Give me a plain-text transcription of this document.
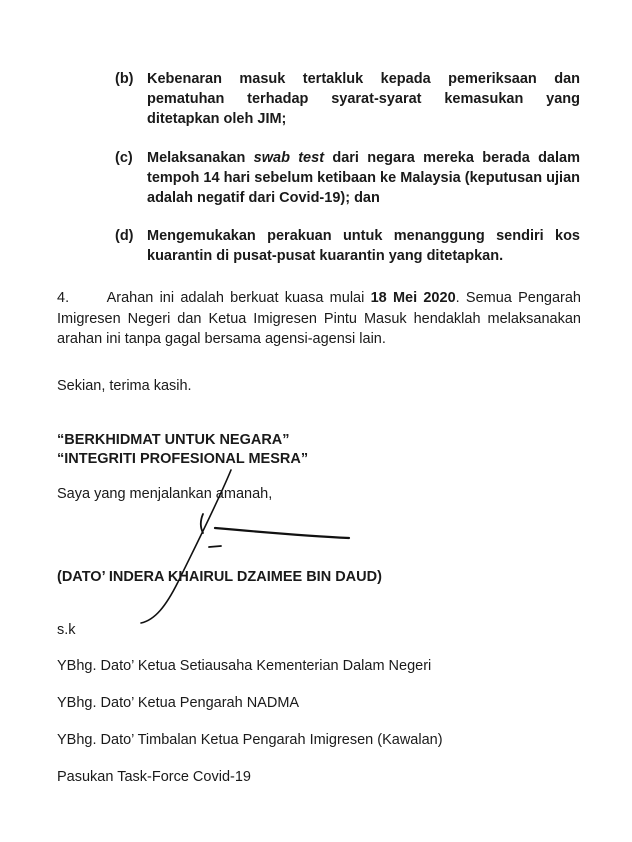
(b) Kebenaran masuk tertakluk kepada pemeriksaan dan pematuhan terhadap syarat-syarat kemasukan yang ditetapkan oleh JIM;
(c) Melaksanakan swab test dari negara mereka berada dalam tempoh 14 hari sebelum ketibaan ke Malaysia (keputusan ujian adalah negatif dari Covid-19); dan
(d) Mengemukakan perakuan untuk menanggung sendiri kos kuarantin di pusat-pusat kuarantin yang ditetapkan.
4.	Arahan ini adalah berkuat kuasa mulai 18 Mei 2020. Semua Pengarah Imigresen Negeri dan Ketua Imigresen Pintu Masuk hendaklah melaksanakan arahan ini tanpa gagal bersama agensi-agensi lain.
Sekian, terima kasih.
“BERKHIDMAT UNTUK NEGARA”
“INTEGRITI PROFESIONAL MESRA”
Saya yang menjalankan amanah,
(DATO’ INDERA KHAIRUL DZAIMEE BIN DAUD)
s.k
YBhg. Dato’ Ketua Setiausaha Kementerian Dalam Negeri
YBhg. Dato’ Ketua Pengarah NADMA
YBhg. Dato’ Timbalan Ketua Pengarah Imigresen (Kawalan)
Pasukan Task-Force Covid-19
